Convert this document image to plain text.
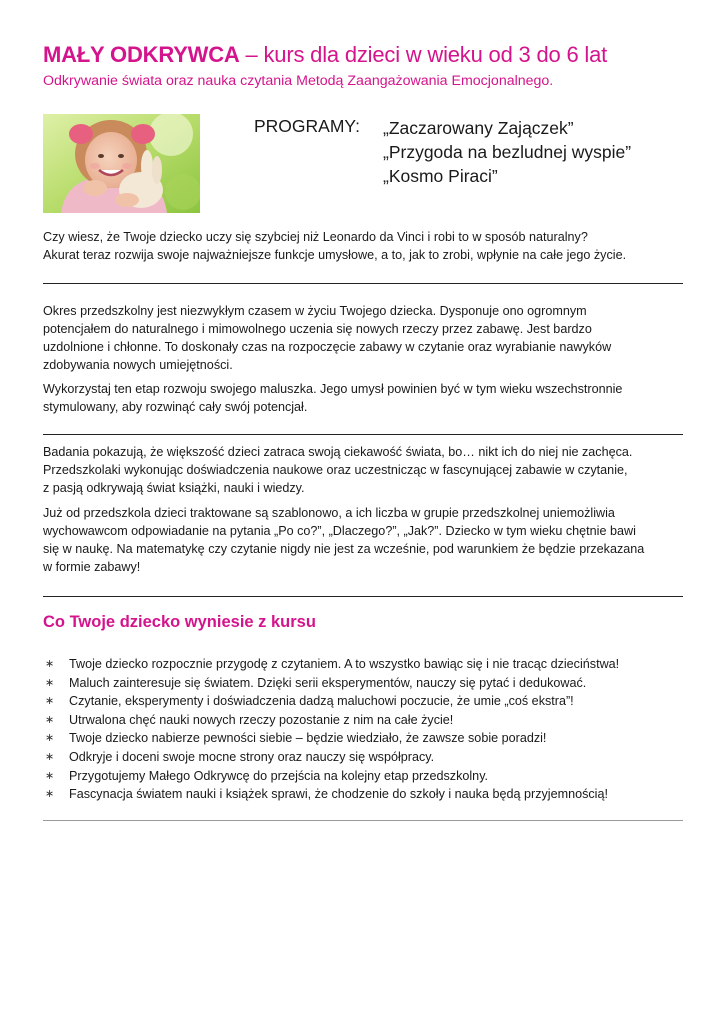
MAŁY ODKRYWCA – kurs dla dzieci w wieku od 3 do 6 lat
Odkrywanie świata oraz nauka czytania Metodą Zaangażowania Emocjonalnego.
PROGRAMY: „Zaczarowany Zajączek”
„Przygoda na bezludnej wyspie”
„Kosmo Piraci”

Czy wiesz, że Twoje dziecko uczy się szybciej niż Leonardo da Vinci i robi to w sposób naturalny?
Akurat teraz rozwija swoje najważniejsze funkcje umysłowe, a to, jak to zrobi, wpłynie na całe jego życie.

Okres przedszkolny jest niezwykłym czasem w życiu Twojego dziecka. Dysponuje ono ogromnym
potencjałem do naturalnego i mimowolnego uczenia się nowych rzeczy przez zabawę. Jest bardzo
uzdolnione i chłonne. To doskonały czas na rozpoczęcie zabawy w czytanie oraz wyrabianie nawyków
zdobywania nowych umiejętności.

Wykorzystaj ten etap rozwoju swojego maluszka. Jego umysł powinien być w tym wieku wszechstronnie
stymulowany, aby rozwinąć cały swój potencjał.

Badania pokazują, że większość dzieci zatraca swoją ciekawość świata, bo… nikt ich do niej nie zachęca.
Przedszkolaki wykonując doświadczenia naukowe oraz uczestnicząc w fascynującej zabawie w czytanie,
z pasją odkrywają świat książki, nauki i wiedzy.

Już od przedszkola dzieci traktowane są szablonowo, a ich liczba w grupie przedszkolnej uniemożliwia
wychowawcom odpowiadanie na pytania „Po co?”, „Dlaczego?”, „Jak?”. Dziecko w tym wieku chętnie bawi
się w naukę. Na matematykę czy czytanie nigdy nie jest za wcześnie, pod warunkiem że będzie przekazana
w formie zabawy!

Co Twoje dziecko wyniesie z kursu
∗ Twoje dziecko rozpocznie przygodę z czytaniem. A to wszystko bawiąc się i nie tracąc dzieciństwa!
∗ Maluch zainteresuje się światem. Dzięki serii eksperymentów, nauczy się pytać i dedukować.
∗ Czytanie, eksperymenty i doświadczenia dadzą maluchowi poczucie, że umie „coś ekstra”!
∗ Utrwalona chęć nauki nowych rzeczy pozostanie z nim na całe życie!
∗ Twoje dziecko nabierze pewności siebie – będzie wiedziało, że zawsze sobie poradzi!
∗ Odkryje i doceni swoje mocne strony oraz nauczy się współpracy.
∗ Przygotujemy Małego Odkrywcę do przejścia na kolejny etap przedszkolny.
∗ Fascynacja światem nauki i książek sprawi, że chodzenie do szkoły i nauka będą przyjemnością!
